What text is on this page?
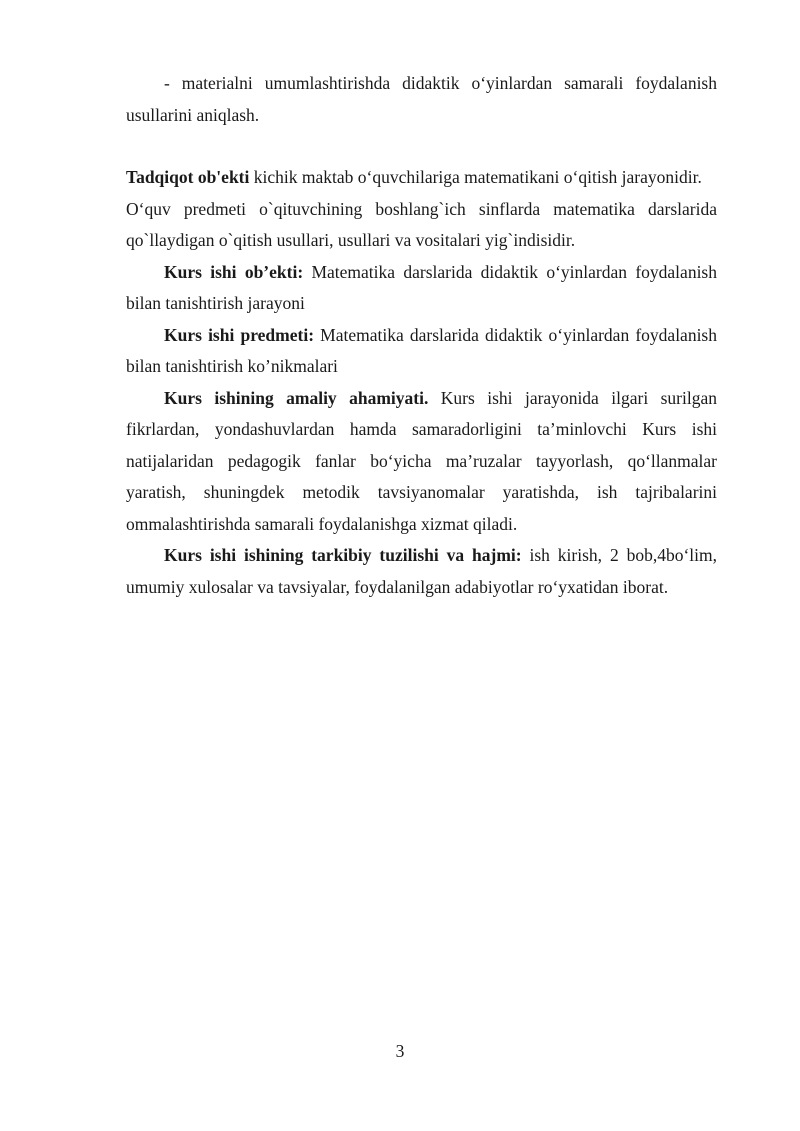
- materialni umumlashtirishda didaktik o‘yinlardan samarali foydalanish usullarini aniqlash.

Tadqiqot ob'ekti kichik maktab o‘quvchilariga matematikani o‘qitish jarayonidir.

O‘quv predmeti o`qituvchining boshlang`ich sinflarda matematika darslarida qo`llaydigan o`qitish usullari, usullari va vositalari yig`indisidir.

Kurs ishi ob’ekti: Matematika darslarida didaktik o‘yinlardan foydalanish bilan tanishtirish jarayoni

Kurs ishi predmeti: Matematika darslarida didaktik o‘yinlardan foydalanish bilan tanishtirish ko’nikmalari

Kurs ishining amaliy ahamiyati. Kurs ishi jarayonida ilgari surilgan fikrlardan, yondashuvlardan hamda samaradorligini ta’minlovchi Kurs ishi natijalaridan pedagogik fanlar bo‘yicha ma’ruzalar tayyorlash, qo‘llanmalar yaratish, shuningdek metodik tavsiyanomalar yaratishda, ish tajribalarini ommalashtirishda samarali foydalanishga xizmat qiladi.

Kurs ishi ishining tarkibiy tuzilishi va hajmi: ish kirish, 2 bob,4bo‘lim, umumiy xulosalar va tavsiyalar, foydalanilgan adabiyotlar ro‘yxatidan iborat.

3
